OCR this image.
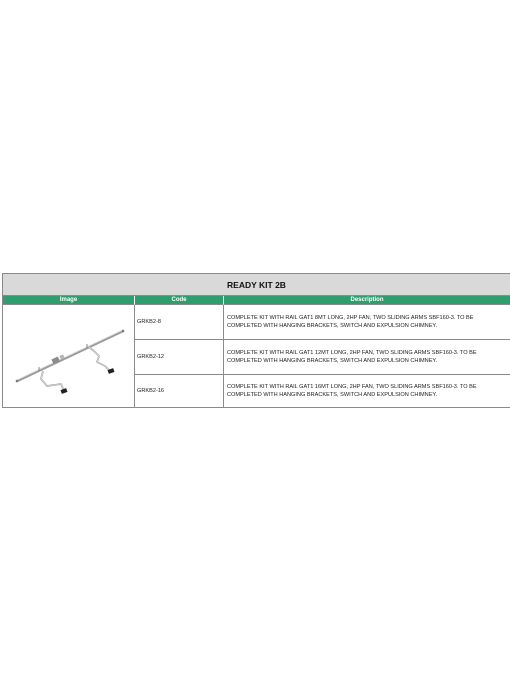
READY KIT 2B
Image	Code	Description
GRKB2-8
COMPLETE KIT WITH RAIL GAT1 8MT LONG, 2HP FAN, TWO SLIDING ARMS SBF160-3. TO BE COMPLETED WITH HANGING BRACKETS, SWITCH AND EXPULSION CHIMNEY.
GRKB2-12
COMPLETE KIT WITH RAIL GAT1 12MT LONG, 2HP FAN, TWO SLIDING ARMS SBF160-3. TO BE COMPLETED WITH HANGING BRACKETS, SWITCH AND EXPULSION CHIMNEY.
GRKB2-16
COMPLETE KIT WITH RAIL GAT1 16MT LONG, 2HP FAN, TWO SLIDING ARMS SBF160-3. TO BE COMPLETED WITH HANGING BRACKETS, SWITCH AND EXPULSION CHIMNEY.
